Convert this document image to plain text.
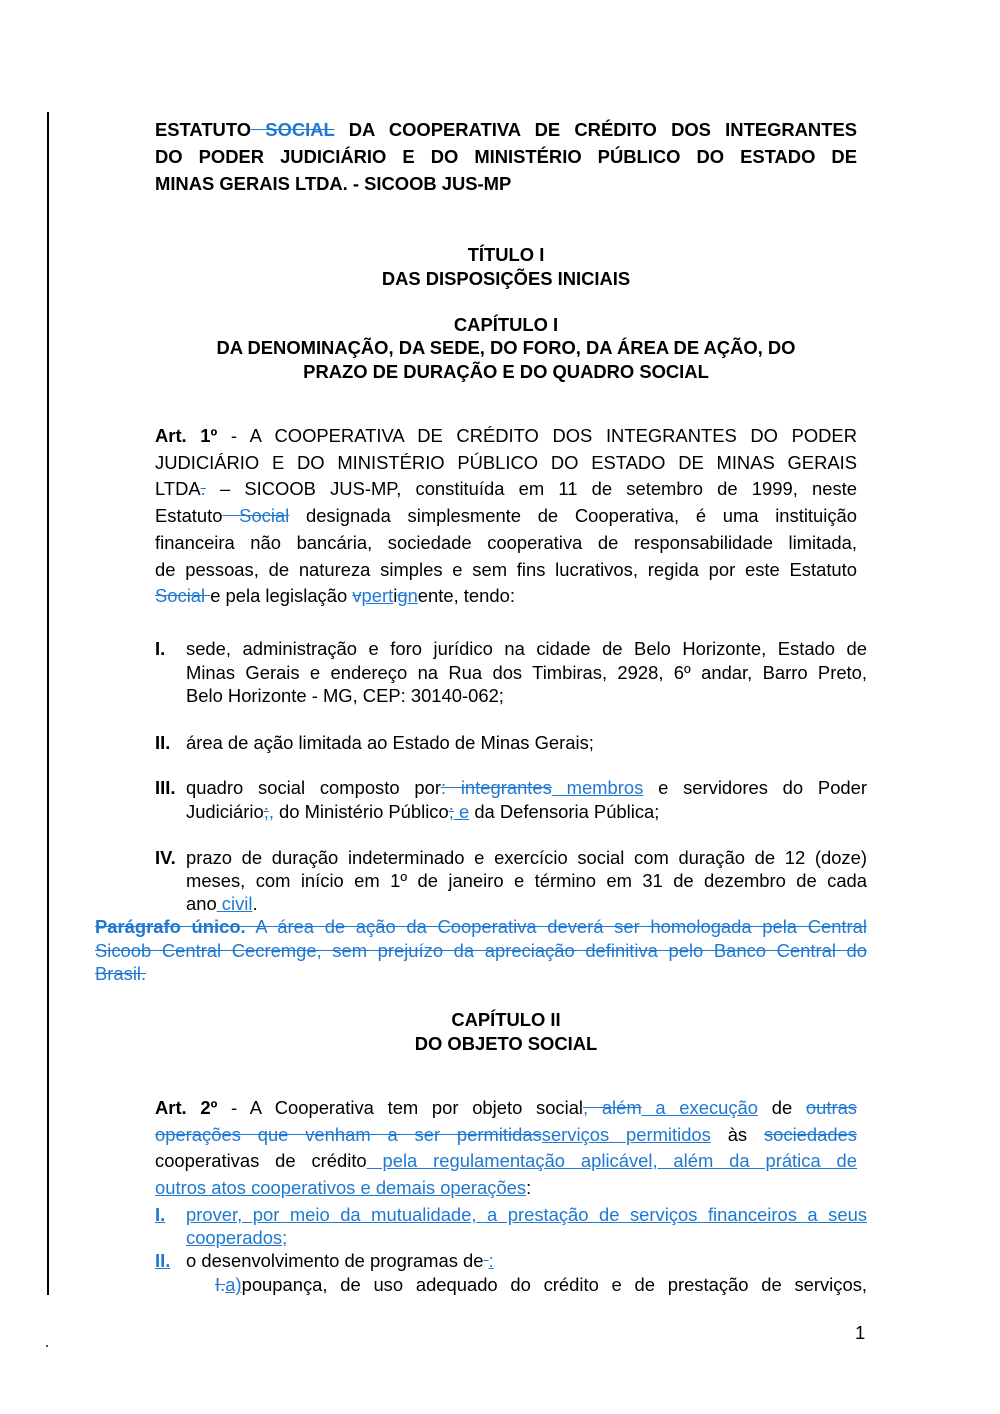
ESTATUTO SOCIAL DA COOPERATIVA DE CRÉDITO DOS INTEGRANTES
DO PODER JUDICIÁRIO E DO MINISTÉRIO PÚBLICO DO ESTADO DE
MINAS GERAIS LTDA. - SICOOB JUS-MP
TÍTULO I
DAS DISPOSIÇÕES INICIAIS
CAPÍTULO I
DA DENOMINAÇÃO, DA SEDE, DO FORO, DA ÁREA DE AÇÃO, DO
PRAZO DE DURAÇÃO E DO QUADRO SOCIAL
Art. 1º - A COOPERATIVA DE CRÉDITO DOS INTEGRANTES DO PODER
JUDICIÁRIO E DO MINISTÉRIO PÚBLICO DO ESTADO DE MINAS GERAIS
LTDA. – SICOOB JUS-MP, constituída em 11 de setembro de 1999, neste
Estatuto Social designada simplesmente de Cooperativa, é uma instituição
financeira não bancária, sociedade cooperativa de responsabilidade limitada,
de pessoas, de natureza simples e sem fins lucrativos, regida por este Estatuto
Social e pela legislação vpertignente, tendo:
I. sede, administração e foro jurídico na cidade de Belo Horizonte, Estado de
Minas Gerais e endereço na Rua dos Timbiras, 2928, 6º andar, Barro Preto,
Belo Horizonte - MG, CEP: 30140-062;
II. área de ação limitada ao Estado de Minas Gerais;
III. quadro social composto por: integrantes membros e servidores do Poder
Judiciário;, do Ministério Público; e da Defensoria Pública;
IV. prazo de duração indeterminado e exercício social com duração de 12 (doze)
meses, com início em 1º de janeiro e término em 31 de dezembro de cada
ano civil.
Parágrafo único. A área de ação da Cooperativa deverá ser homologada pela Central
Sicoob Central Cecremge, sem prejuízo da apreciação definitiva pelo Banco Central do
Brasil.
CAPÍTULO II
DO OBJETO SOCIAL
Art. 2º - A Cooperativa tem por objeto social, além a execução de outras
operações que venham a ser permitidasserviços permitidos às sociedades
cooperativas de crédito pela regulamentação aplicável, além da prática de
outros atos cooperativos e demais operações:
I. prover, por meio da mutualidade, a prestação de serviços financeiros a seus
cooperados;
II. o desenvolvimento de programas de :
I.a)poupança, de uso adequado do crédito e de prestação de serviços,
1
